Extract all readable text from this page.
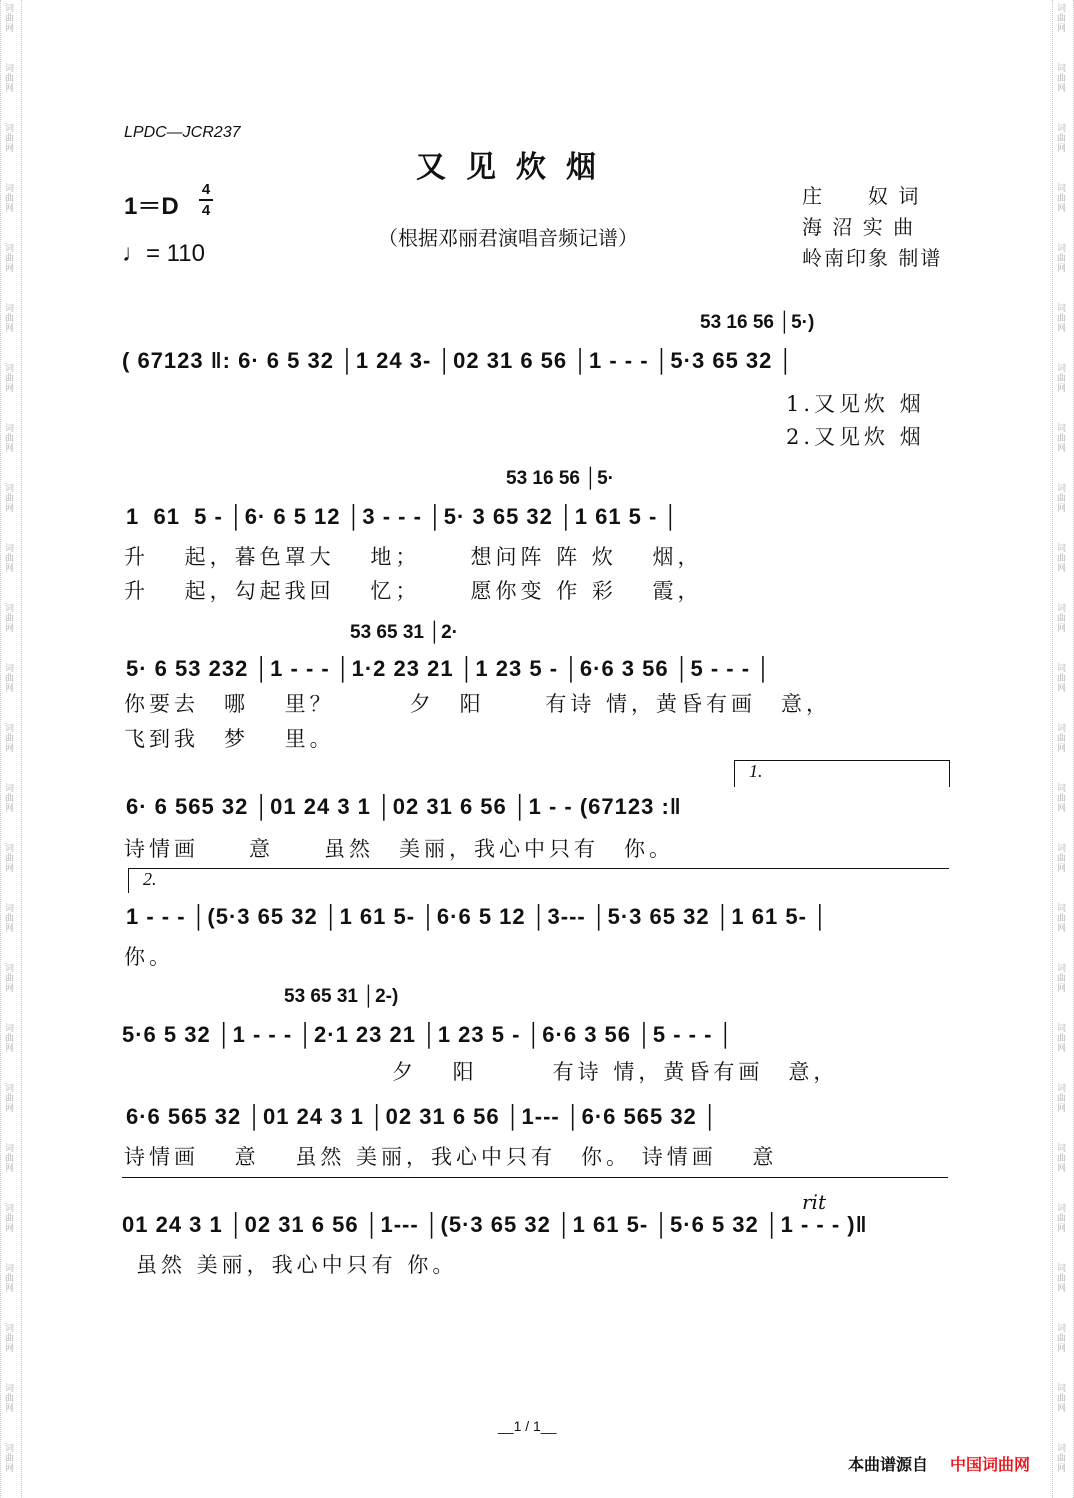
词
曲
网
词
曲
网
词
曲
网
词
曲
网
词
曲
网
词
曲
网
词
曲
网
词
曲
网
词
曲
网
词
曲
网
词
曲
网
词
曲
网
词
曲
网
词
曲
网
词
曲
网
词
曲
网
词
曲
网
词
曲
网
词
曲
网
词
曲
网
词
曲
网
词
曲
网
词
曲
网
词
曲
网
词
曲
网
词
曲
网
词
曲
网
词
曲
网
词
曲
网
词
曲
网
词
曲
网
词
曲
网
词
曲
网
词
曲
网
词
曲
网
词
曲
网
词
曲
网
词
曲
网
词
曲
网
词
曲
网
词
曲
网
词
曲
网
词
曲
网
词
曲
网
词
曲
网
词
曲
网
词
曲
网
词
曲
网
词
曲
网
词
曲
网
LPDC—JCR237
又见炊烟
1＝D
4
4
♩= 110
（根据邓丽君演唱音频记谱）
庄　　奴 词
海 沼 实 曲
岭南印象 制谱
53 16 56 │5·)
( 67123 ‖: 6· 6 5 32 │1 24 3- │02 31 6 56 │1 - - - │5·3 65 32 │
1.又见炊 烟
2.又见炊 烟
53 16 56 │5·
1  61  5 - │6· 6 5 12 │3 - - - │5· 3 65 32 │1 61 5 - │
升　 起，暮色罩大　 地；　　 想问阵 阵 炊　 烟，
升　 起，勾起我回　 忆；　　 愿你变 作 彩　 霞，
53 65 31 │2·
5· 6 53 232 │1 - - - │1·2 23 21 │1 23 5 - │6·6 3 56 │5 - - - │
你要去　哪　 里？　　　夕　阳　　 有诗 情，黄昏有画　意，
飞到我　梦　 里。
1.
6· 6 565 32 │01 24 3 1 │02 31 6 56 │1 - - (67123 :‖
诗情画　　意　　虽然　美丽，我心中只有　你。
2.
1 - - - │(5·3 65 32 │1 61 5- │6·6 5 12 │3--- │5·3 65 32 │1 61 5- │
你。
53 65 31 │2-)
5·6 5 32 │1 - - - │2·1 23 21 │1 23 5 - │6·6 3 56 │5 - - - │
夕　 阳　　　有诗 情，黄昏有画　意，
6·6 565 32 │01 24 3 1 │02 31 6 56 │1--- │6·6 565 32 │
诗情画　 意　 虽然 美丽，我心中只有　你。 诗情画　 意
rit
01 24 3 1 │02 31 6 56 │1--- │(5·3 65 32 │1 61 5- │5·6 5 32 │1 - - - )‖
虽然 美丽，我心中只有 你。
__1 / 1__
本曲谱源自 中国词曲网
